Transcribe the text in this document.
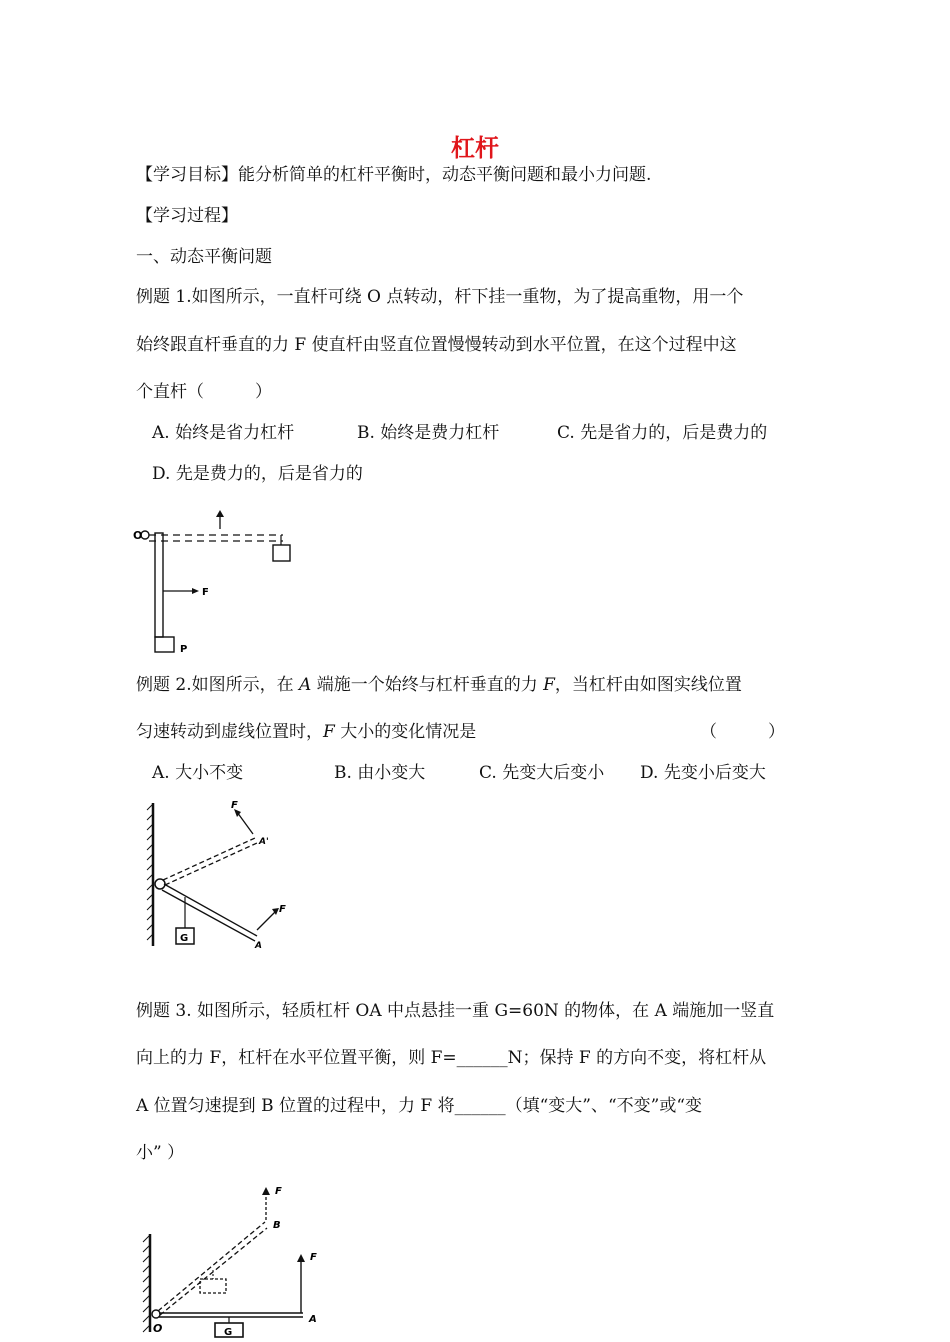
杠杆
【学习目标】能分析简单的杠杆平衡时，动态平衡问题和最小力问题.
【学习过程】
一、动态平衡问题
例题 1.如图所示，一直杆可绕 O 点转动，杆下挂一重物，为了提高重物，用一个
始终跟直杆垂直的力 F 使直杆由竖直位置慢慢转动到水平位置，在这个过程中这
个直杆（　　　）
A. 始终是省力杠杆	B. 始终是费力杠杆	C. 先是省力的，后是费力的
D. 先是费力的，后是省力的
F
P
O
例题 2.如图所示，在 A 端施一个始终与杠杆垂直的力 F，当杠杆由如图实线位置
匀速转动到虚线位置时，F 大小的变化情况是	（　　　）
A. 大小不变	B. 由小变大	C. 先变大后变小 D. 先变小后变大
G
F
A'
F
A
例题 3. 如图所示，轻质杠杆 OA 中点悬挂一重 G=60N 的物体，在 A 端施加一竖直
向上的力 F，杠杆在水平位置平衡，则 F=______N；保持 F 的方向不变，将杠杆从
A 位置匀速提到 B 位置的过程中，力 F 将______（填“变大”、“不变”或“变
小” ）
O
F
B
F
A
G
